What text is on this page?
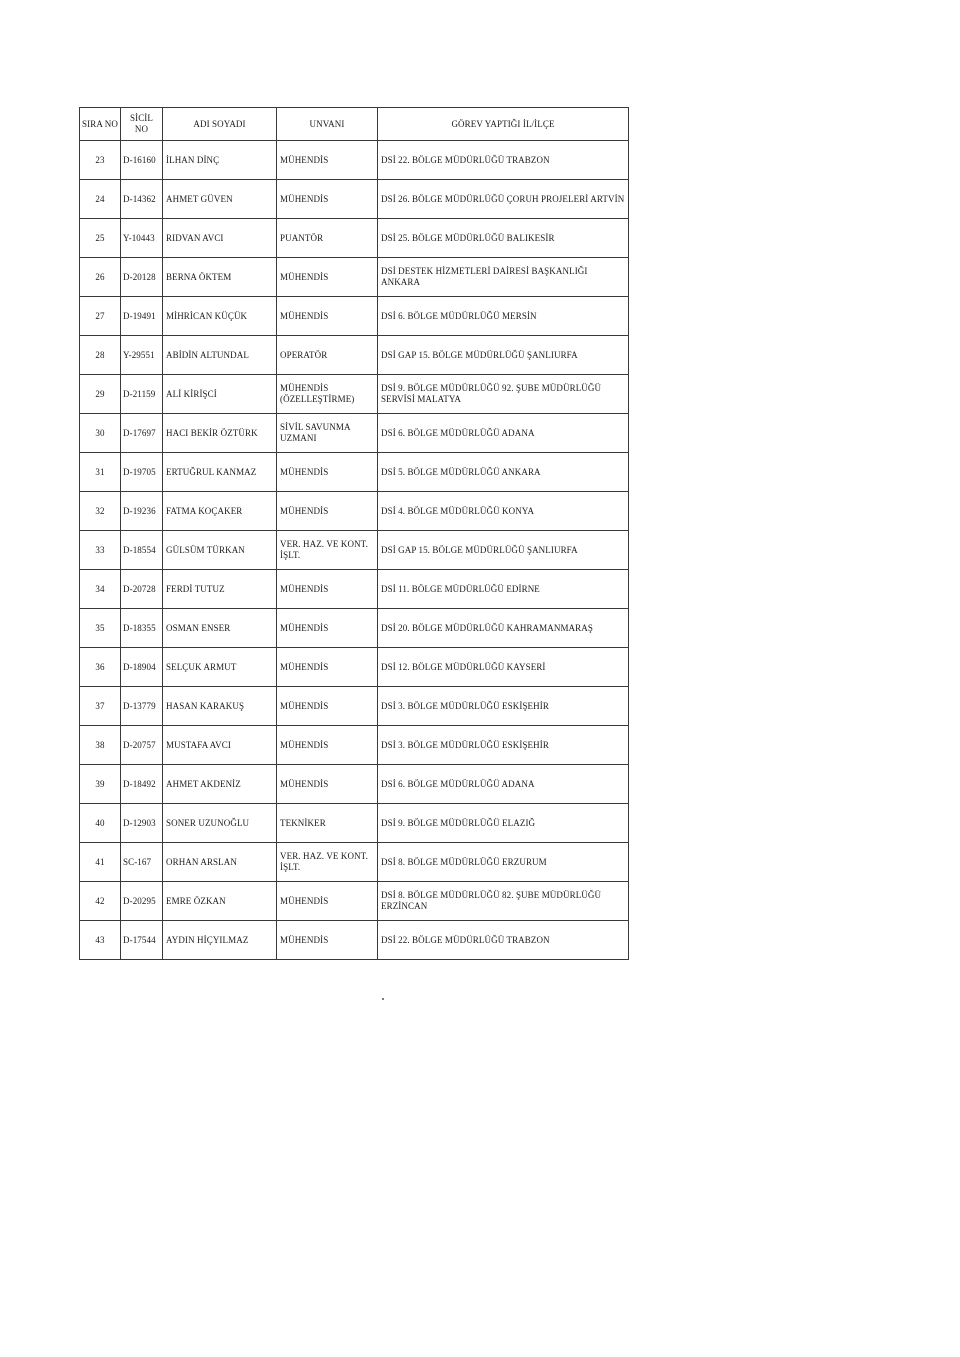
SIRA NO	SİCİL NO	ADI SOYADI	UNVANI	GÖREV YAPTIĞI İL/İLÇE
23	D-16160	İLHAN DİNÇ	MÜHENDİS	DSİ 22. BÖLGE MÜDÜRLÜĞÜ TRABZON
24	D-14362	AHMET GÜVEN	MÜHENDİS	DSİ 26. BÖLGE MÜDÜRLÜĞÜ ÇORUH PROJELERİ ARTVİN
25	Y-10443	RIDVAN AVCI	PUANTÖR	DSİ 25. BÖLGE MÜDÜRLÜĞÜ BALIKESİR
26	D-20128	BERNA ÖKTEM	MÜHENDİS	DSİ DESTEK HİZMETLERİ DAİRESİ BAŞKANLIĞI ANKARA
27	D-19491	MİHRİCAN KÜÇÜK	MÜHENDİS	DSİ 6. BÖLGE MÜDÜRLÜĞÜ MERSİN
28	Y-29551	ABİDİN ALTUNDAL	OPERATÖR	DSİ GAP 15. BÖLGE MÜDÜRLÜĞÜ ŞANLIURFA
29	D-21159	ALİ KİRİŞCİ	MÜHENDİS (ÖZELLEŞTİRME)	DSİ 9. BÖLGE MÜDÜRLÜĞÜ 92. ŞUBE MÜDÜRLÜĞÜ SERVİSİ MALATYA
30	D-17697	HACI BEKİR ÖZTÜRK	SİVİL SAVUNMA UZMANI	DSİ 6. BÖLGE MÜDÜRLÜĞÜ ADANA
31	D-19705	ERTUĞRUL KANMAZ	MÜHENDİS	DSİ 5. BÖLGE MÜDÜRLÜĞÜ ANKARA
32	D-19236	FATMA KOÇAKER	MÜHENDİS	DSİ 4. BÖLGE MÜDÜRLÜĞÜ KONYA
33	D-18554	GÜLSÜM TÜRKAN	VER. HAZ. VE KONT. İŞLT.	DSİ GAP 15. BÖLGE MÜDÜRLÜĞÜ ŞANLIURFA
34	D-20728	FERDİ TUTUZ	MÜHENDİS	DSİ 11. BÖLGE MÜDÜRLÜĞÜ EDİRNE
35	D-18355	OSMAN ENSER	MÜHENDİS	DSİ 20. BÖLGE MÜDÜRLÜĞÜ KAHRAMANMARAŞ
36	D-18904	SELÇUK ARMUT	MÜHENDİS	DSİ 12. BÖLGE MÜDÜRLÜĞÜ KAYSERİ
37	D-13779	HASAN KARAKUŞ	MÜHENDİS	DSİ 3. BÖLGE MÜDÜRLÜĞÜ ESKİŞEHİR
38	D-20757	MUSTAFA AVCI	MÜHENDİS	DSİ 3. BÖLGE MÜDÜRLÜĞÜ ESKİŞEHİR
39	D-18492	AHMET AKDENİZ	MÜHENDİS	DSİ 6. BÖLGE MÜDÜRLÜĞÜ ADANA
40	D-12903	SONER UZUNOĞLU	TEKNİKER	DSİ 9. BÖLGE MÜDÜRLÜĞÜ ELAZIĞ
41	SC-167	ORHAN ARSLAN	VER. HAZ. VE KONT. İŞLT.	DSİ 8. BÖLGE MÜDÜRLÜĞÜ ERZURUM
42	D-20295	EMRE ÖZKAN	MÜHENDİS	DSİ 8. BÖLGE MÜDÜRLÜĞÜ 82. ŞUBE MÜDÜRLÜĞÜ ERZİNCAN
43	D-17544	AYDIN HİÇYILMAZ	MÜHENDİS	DSİ 22. BÖLGE MÜDÜRLÜĞÜ TRABZON
